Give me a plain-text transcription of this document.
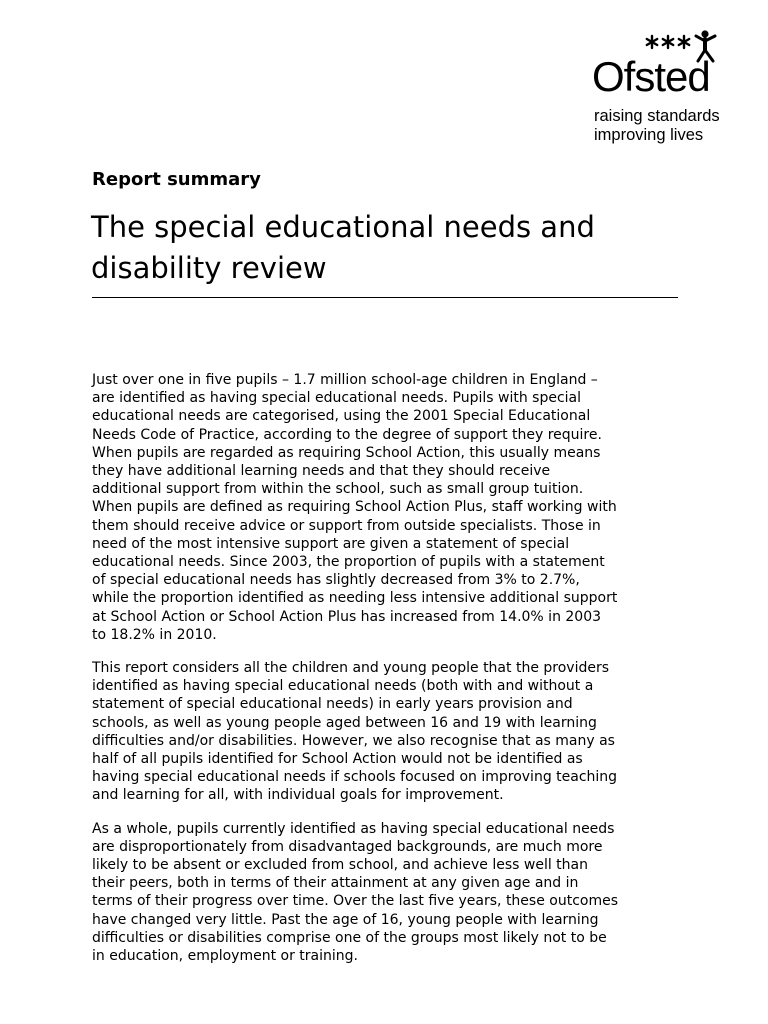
Ofsted
raising standards
improving lives
Report summary
The special educational needs and
disability review

Just over one in five pupils – 1.7 million school-age children in England –
are identified as having special educational needs. Pupils with special
educational needs are categorised, using the 2001 Special Educational
Needs Code of Practice, according to the degree of support they require.
When pupils are regarded as requiring School Action, this usually means
they have additional learning needs and that they should receive
additional support from within the school, such as small group tuition.
When pupils are defined as requiring School Action Plus, staff working with
them should receive advice or support from outside specialists. Those in
need of the most intensive support are given a statement of special
educational needs. Since 2003, the proportion of pupils with a statement
of special educational needs has slightly decreased from 3% to 2.7%,
while the proportion identified as needing less intensive additional support
at School Action or School Action Plus has increased from 14.0% in 2003
to 18.2% in 2010.

This report considers all the children and young people that the providers
identified as having special educational needs (both with and without a
statement of special educational needs) in early years provision and
schools, as well as young people aged between 16 and 19 with learning
difficulties and/or disabilities. However, we also recognise that as many as
half of all pupils identified for School Action would not be identified as
having special educational needs if schools focused on improving teaching
and learning for all, with individual goals for improvement.

As a whole, pupils currently identified as having special educational needs
are disproportionately from disadvantaged backgrounds, are much more
likely to be absent or excluded from school, and achieve less well than
their peers, both in terms of their attainment at any given age and in
terms of their progress over time. Over the last five years, these outcomes
have changed very little. Past the age of 16, young people with learning
difficulties or disabilities comprise one of the groups most likely not to be
in education, employment or training.
